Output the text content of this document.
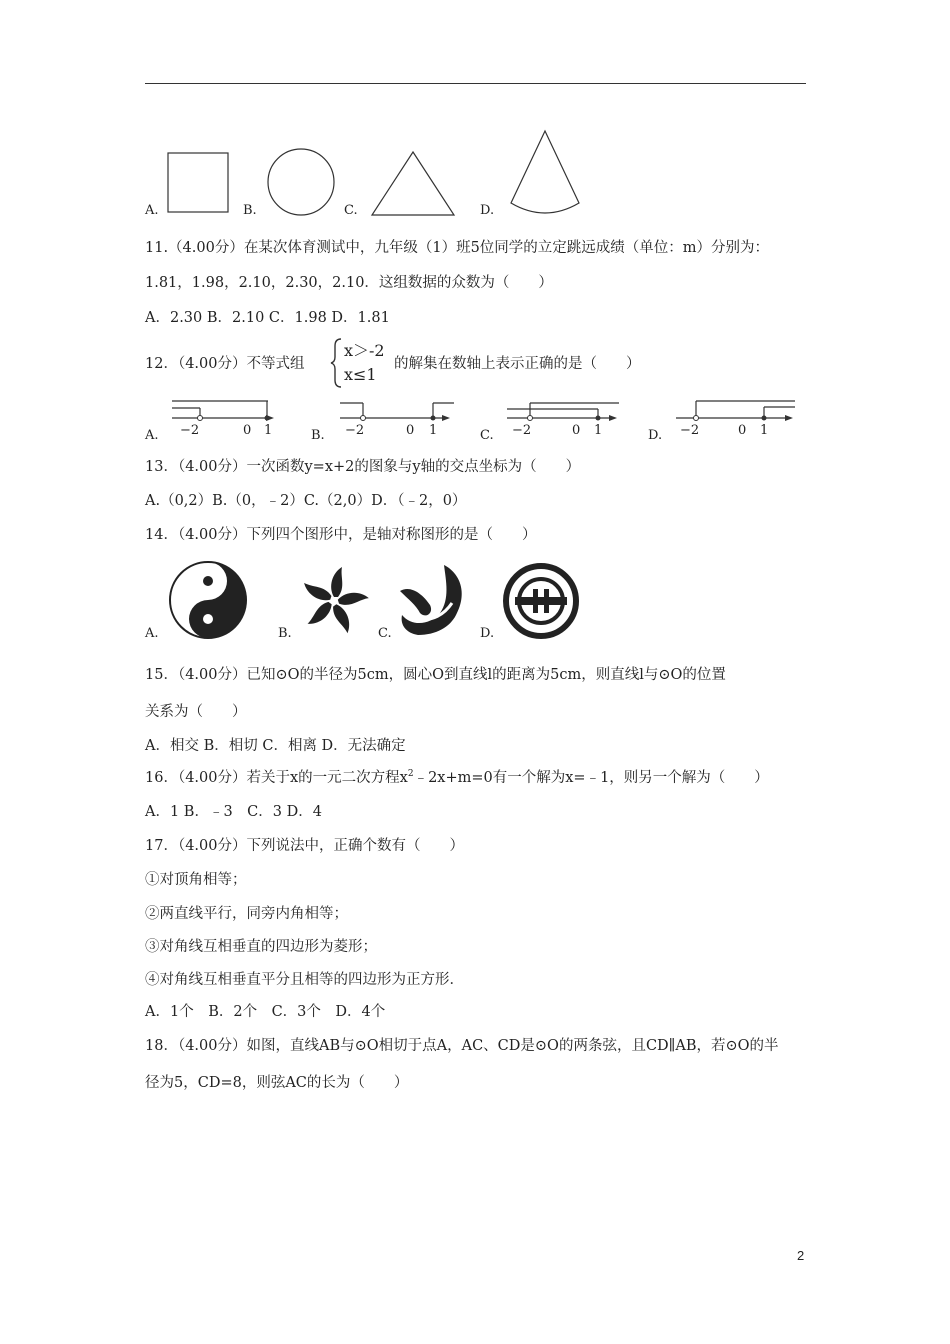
A.	B.	C.	D.
11.（4.00分）在某次体育测试中，九年级（1）班5位同学的立定跳远成绩（单位：m）分别为：
1.81，1.98，2.10，2.30，2.10．这组数据的众数为（　　）
A．2.30 B．2.10 C．1.98 D．1.81
12．（4.00分）不等式组
x＞-2
x≤1
的解集在数轴上表示正确的是（　　）
A. −2	0 1	B. −2	0 1	C. −2	0 1	D. −2	0 1
13．（4.00分）一次函数y=x+2的图象与y轴的交点坐标为（　　）
A.（0,2）B.（0，﹣2）C.（2,0）D．（﹣2，0）
14．（4.00分）下列四个图形中，是轴对称图形的是（　　）
A.	B.	C.	D.
15．（4.00分）已知⊙O的半径为5cm，圆心O到直线l的距离为5cm，则直线l与⊙O的位置
关系为（　　）
A．相交 B．相切 C．相离 D．无法确定
16．（4.00分）若关于x的一元二次方程$x^2﹣2x+m=0$有一个解为x=﹣1，则另一个解为（　　）
A．1 B．﹣3　C．3 D．4
17．（4.00分）下列说法中，正确个数有（　　）
①对顶角相等；
②两直线平行，同旁内角相等；
③对角线互相垂直的四边形为菱形；
④对角线互相垂直平分且相等的四边形为正方形．
A．1个　B．2个　C．3个　D．4个
18．（4.00分）如图，直线AB与⊙O相切于点A，AC、CD是⊙O的两条弦，且CD∥AB，若⊙O的半
径为5，CD=8，则弦AC的长为（　　）
2
